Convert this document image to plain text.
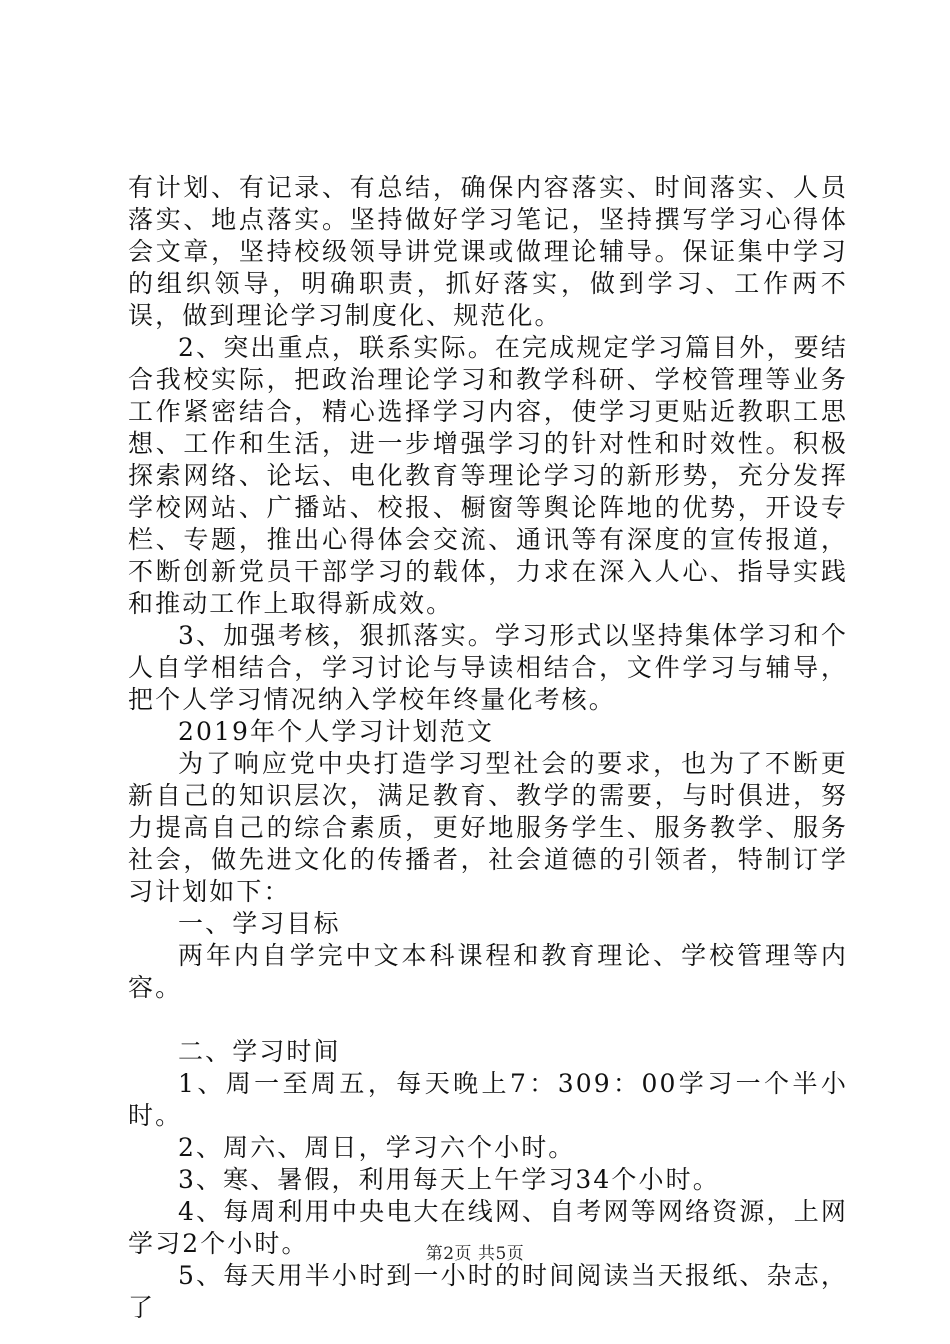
有计划、有记录、有总结，确保内容落实、时间落实、人员落实、地点落实。坚持做好学习笔记，坚持撰写学习心得体会文章，坚持校级领导讲党课或做理论辅导。保证集中学习的组织领导，明确职责，抓好落实，做到学习、工作两不误，做到理论学习制度化、规范化。

2、突出重点，联系实际。在完成规定学习篇目外，要结合我校实际，把政治理论学习和教学科研、学校管理等业务工作紧密结合，精心选择学习内容，使学习更贴近教职工思想、工作和生活，进一步增强学习的针对性和时效性。积极探索网络、论坛、电化教育等理论学习的新形势，充分发挥学校网站、广播站、校报、橱窗等舆论阵地的优势，开设专栏、专题，推出心得体会交流、通讯等有深度的宣传报道，不断创新党员干部学习的载体，力求在深入人心、指导实践和推动工作上取得新成效。

3、加强考核，狠抓落实。学习形式以坚持集体学习和个人自学相结合，学习讨论与导读相结合，文件学习与辅导，把个人学习情况纳入学校年终量化考核。

2019年个人学习计划范文

为了响应党中央打造学习型社会的要求，也为了不断更新自己的知识层次，满足教育、教学的需要，与时俱进，努力提高自己的综合素质，更好地服务学生、服务教学、服务社会，做先进文化的传播者，社会道德的引领者，特制订学习计划如下：

一、学习目标

两年内自学完中文本科课程和教育理论、学校管理等内容。

二、学习时间

1、周一至周五，每天晚上7：309：00学习一个半小时。

2、周六、周日，学习六个小时。

3、寒、暑假，利用每天上午学习34个小时。

4、每周利用中央电大在线网、自考网等网络资源，上网学习2个小时。

5、每天用半小时到一小时的时间阅读当天报纸、杂志，了

第2页 共5页
